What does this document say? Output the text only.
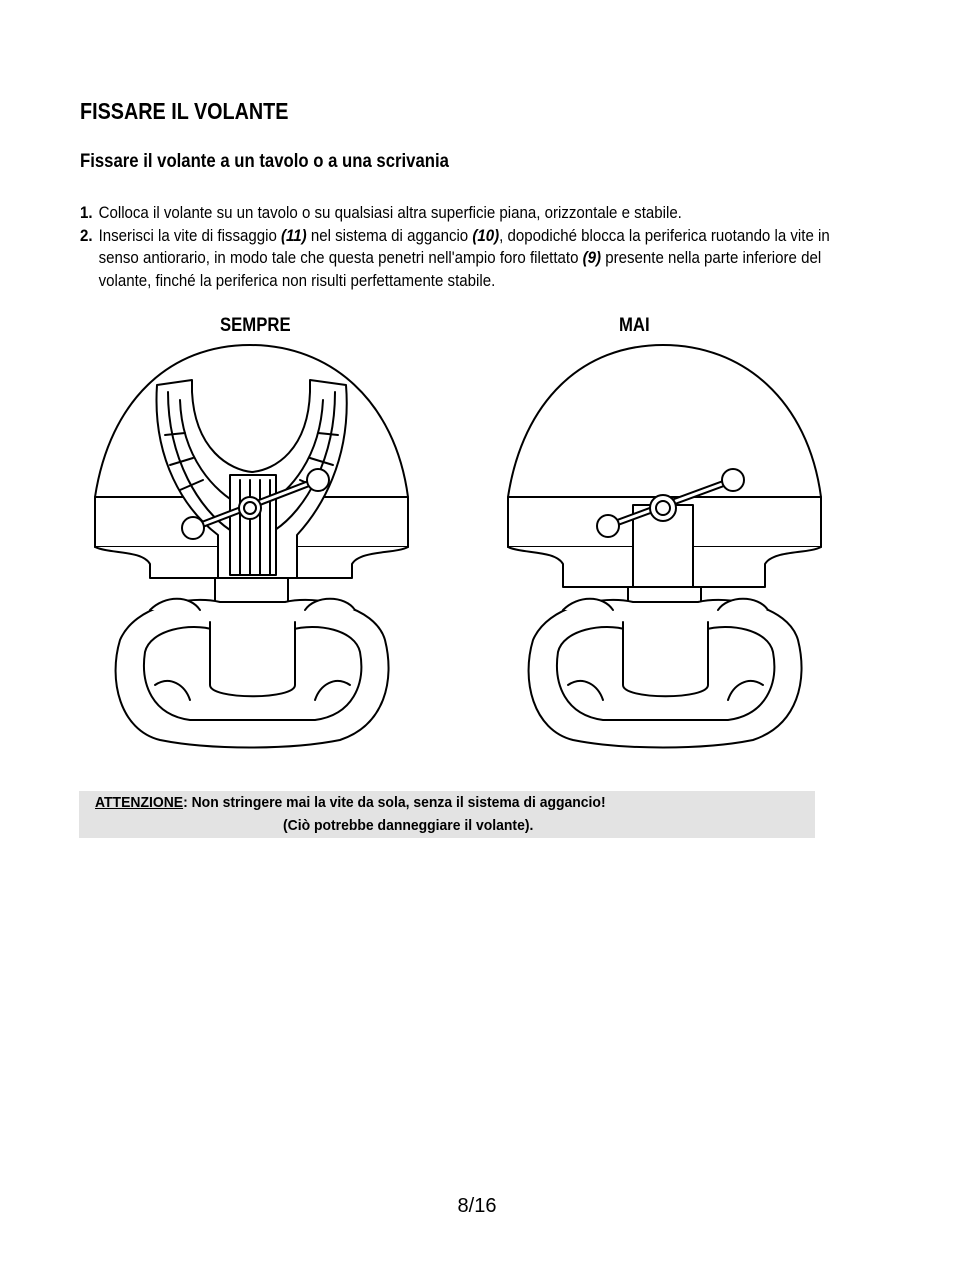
FISSARE IL VOLANTE
Fissare il volante a un tavolo o a una scrivania
1. Colloca il volante su un tavolo o su qualsiasi altra superficie piana, orizzontale e stabile.
2. Inserisci la vite di fissaggio (11) nel sistema di aggancio (10), dopodiché blocca la periferica ruotando la vite in senso antiorario, in modo tale che questa penetri nell'ampio foro filettato (9) presente nella parte inferiore del volante, finché la periferica non risulti perfettamente stabile.
SEMPRE	MAI
ATTENZIONE: Non stringere mai la vite da sola, senza il sistema di aggancio!
(Ciò potrebbe danneggiare il volante).
8/16
